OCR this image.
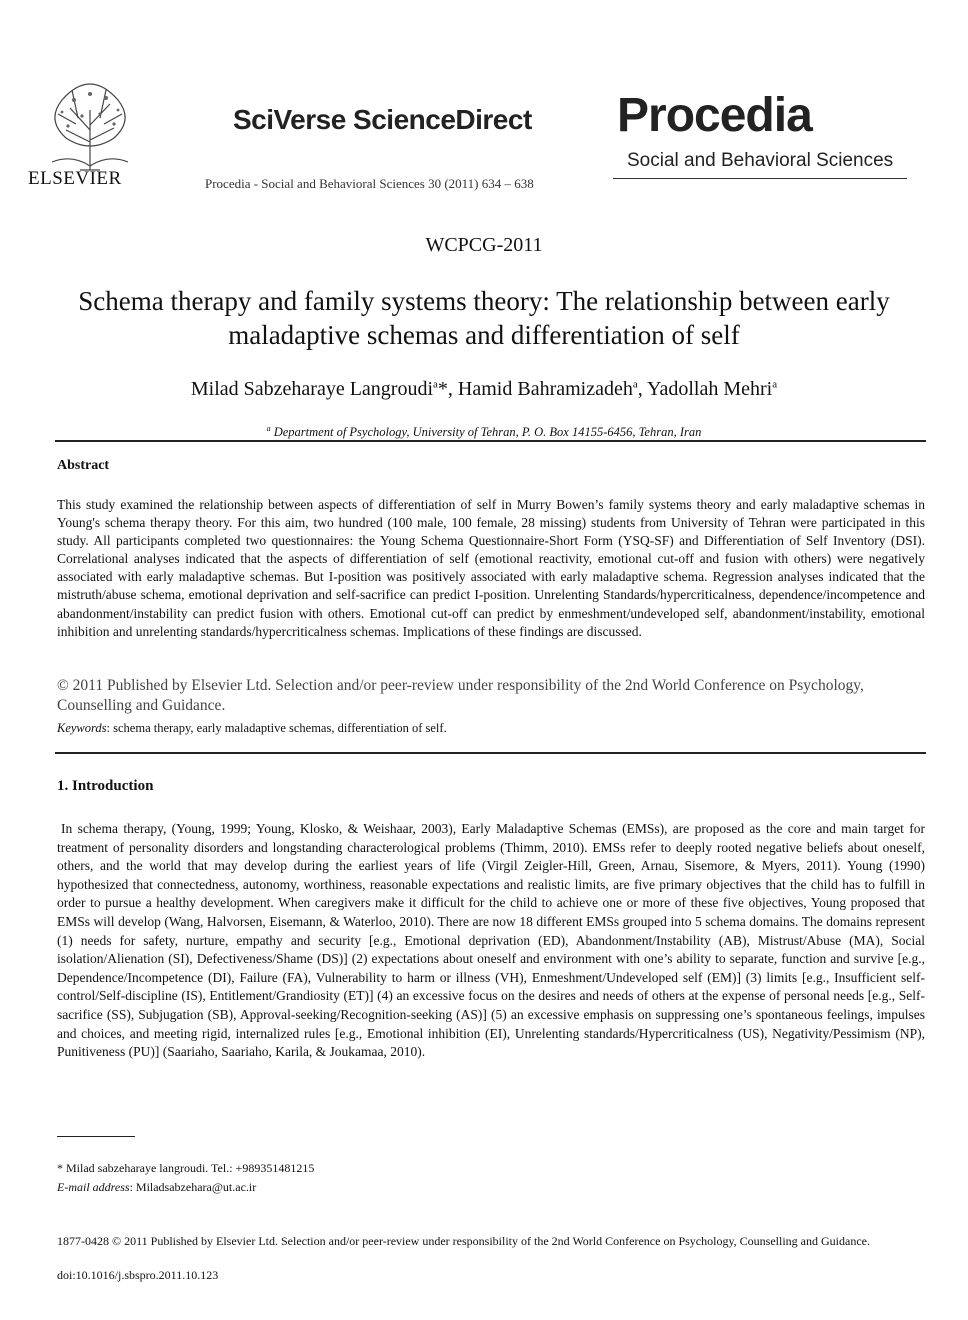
ELSEVIER
SciVerse ScienceDirect
Procedia - Social and Behavioral Sciences 30 (2011) 634 – 638
Procedia
Social and Behavioral Sciences
WCPCG-2011
Schema therapy and family systems theory: The relationship between early maladaptive schemas and differentiation of self
Milad Sabzeharaye Langroudi$^a$*, Hamid Bahramizadeh$^a$, Yadollah Mehri$^a$
$^a$ Department of Psychology, University of Tehran, P. O. Box 14155-6456, Tehran, Iran
Abstract
This study examined the relationship between aspects of differentiation of self in Murry Bowen’s family systems theory and early maladaptive schemas in Young's schema therapy theory. For this aim, two hundred (100 male, 100 female, 28 missing) students from University of Tehran were participated in this study. All participants completed two questionnaires: the Young Schema Questionnaire-Short Form (YSQ-SF) and Differentiation of Self Inventory (DSI). Correlational analyses indicated that the aspects of differentiation of self (emotional reactivity, emotional cut-off and fusion with others) were negatively associated with early maladaptive schemas. But I-position was positively associated with early maladaptive schema. Regression analyses indicated that the mistruth/abuse schema, emotional deprivation and self-sacrifice can predict I-position. Unrelenting Standards/hypercriticalness, dependence/incompetence and abandonment/instability can predict fusion with others. Emotional cut-off can predict by enmeshment/undeveloped self, abandonment/instability, emotional inhibition and unrelenting standards/hypercriticalness schemas. Implications of these findings are discussed.
© 2011 Published by Elsevier Ltd. Selection and/or peer-review under responsibility of the 2nd World Conference on Psychology, Counselling and Guidance.
Keywords: schema therapy, early maladaptive schemas, differentiation of self.
1. Introduction
In schema therapy, (Young, 1999; Young, Klosko, & Weishaar, 2003), Early Maladaptive Schemas (EMSs), are proposed as the core and main target for treatment of personality disorders and longstanding characterological problems (Thimm, 2010). EMSs refer to deeply rooted negative beliefs about oneself, others, and the world that may develop during the earliest years of life (Virgil Zeigler-Hill, Green, Arnau, Sisemore, & Myers, 2011). Young (1990) hypothesized that connectedness, autonomy, worthiness, reasonable expectations and realistic limits, are five primary objectives that the child has to fulfill in order to pursue a healthy development. When caregivers make it difficult for the child to achieve one or more of these five objectives, Young proposed that EMSs will develop (Wang, Halvorsen, Eisemann, & Waterloo, 2010). There are now 18 different EMSs grouped into 5 schema domains. The domains represent (1) needs for safety, nurture, empathy and security [e.g., Emotional deprivation (ED), Abandonment/Instability (AB), Mistrust/Abuse (MA), Social isolation/Alienation (SI), Defectiveness/Shame (DS)] (2) expectations about oneself and environment with one’s ability to separate, function and survive [e.g., Dependence/Incompetence (DI), Failure (FA), Vulnerability to harm or illness (VH), Enmeshment/Undeveloped self (EM)] (3) limits [e.g., Insufficient self-control/Self-discipline (IS), Entitlement/Grandiosity (ET)] (4) an excessive focus on the desires and needs of others at the expense of personal needs [e.g., Self-sacrifice (SS), Subjugation (SB), Approval-seeking/Recognition-seeking (AS)] (5) an excessive emphasis on suppressing one’s spontaneous feelings, impulses and choices, and meeting rigid, internalized rules [e.g., Emotional inhibition (EI), Unrelenting standards/Hypercriticalness (US), Negativity/Pessimism (NP), Punitiveness (PU)] (Saariaho, Saariaho, Karila, & Joukamaa, 2010).
* Milad sabzeharaye langroudi. Tel.: +989351481215
E-mail address: Miladsabzehara@ut.ac.ir
1877-0428 © 2011 Published by Elsevier Ltd. Selection and/or peer-review under responsibility of the 2nd World Conference on Psychology, Counselling and Guidance.
doi:10.1016/j.sbspro.2011.10.123
